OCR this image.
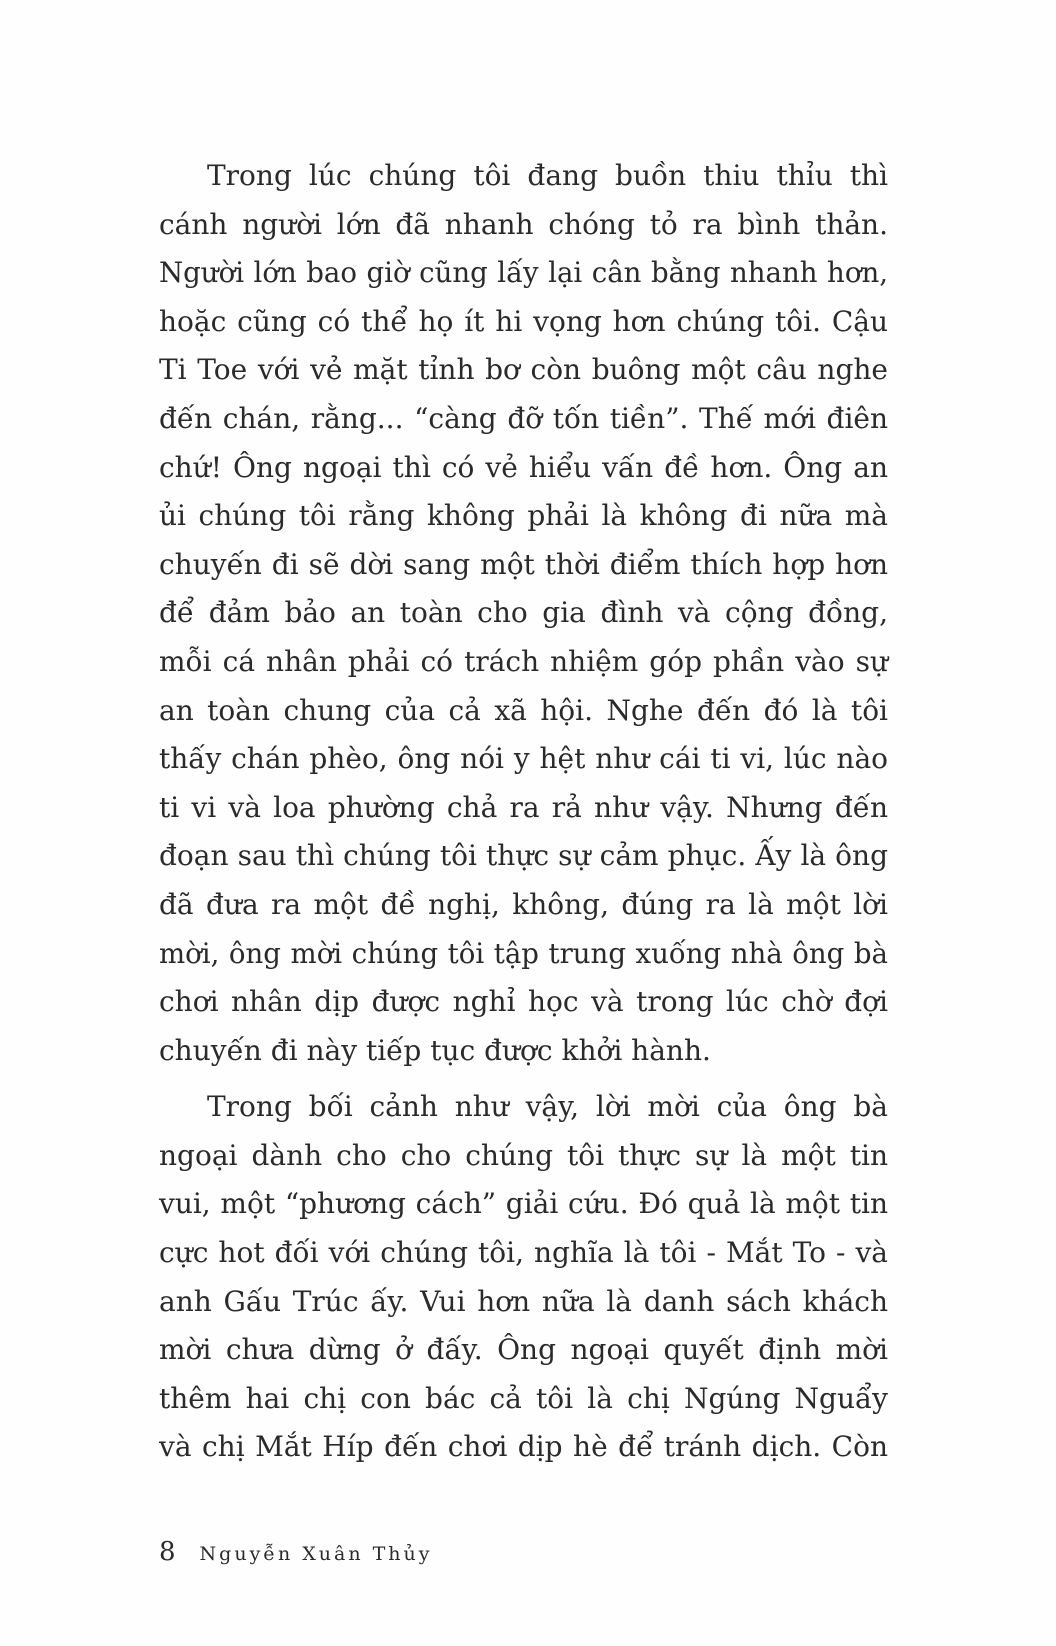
Trong lúc chúng tôi đang buồn thiu thỉu thì
cánh người lớn đã nhanh chóng tỏ ra bình thản.
Người lớn bao giờ cũng lấy lại cân bằng nhanh hơn,
hoặc cũng có thể họ ít hi vọng hơn chúng tôi. Cậu
Ti Toe với vẻ mặt tỉnh bơ còn buông một câu nghe
đến chán, rằng... “càng đỡ tốn tiền”. Thế mới điên
chứ! Ông ngoại thì có vẻ hiểu vấn đề hơn. Ông an
ủi chúng tôi rằng không phải là không đi nữa mà
chuyến đi sẽ dời sang một thời điểm thích hợp hơn
để đảm bảo an toàn cho gia đình và cộng đồng,
mỗi cá nhân phải có trách nhiệm góp phần vào sự
an toàn chung của cả xã hội. Nghe đến đó là tôi
thấy chán phèo, ông nói y hệt như cái ti vi, lúc nào
ti vi và loa phường chả ra rả như vậy. Nhưng đến
đoạn sau thì chúng tôi thực sự cảm phục. Ấy là ông
đã đưa ra một đề nghị, không, đúng ra là một lời
mời, ông mời chúng tôi tập trung xuống nhà ông bà
chơi nhân dịp được nghỉ học và trong lúc chờ đợi
chuyến đi này tiếp tục được khởi hành.
Trong bối cảnh như vậy, lời mời của ông bà
ngoại dành cho cho chúng tôi thực sự là một tin
vui, một “phương cách” giải cứu. Đó quả là một tin
cực hot đối với chúng tôi, nghĩa là tôi - Mắt To - và
anh Gấu Trúc ấy. Vui hơn nữa là danh sách khách
mời chưa dừng ở đấy. Ông ngoại quyết định mời
thêm hai chị con bác cả tôi là chị Ngúng Nguẩy
và chị Mắt Híp đến chơi dịp hè để tránh dịch. Còn
8 Nguyễn Xuân Thủy
